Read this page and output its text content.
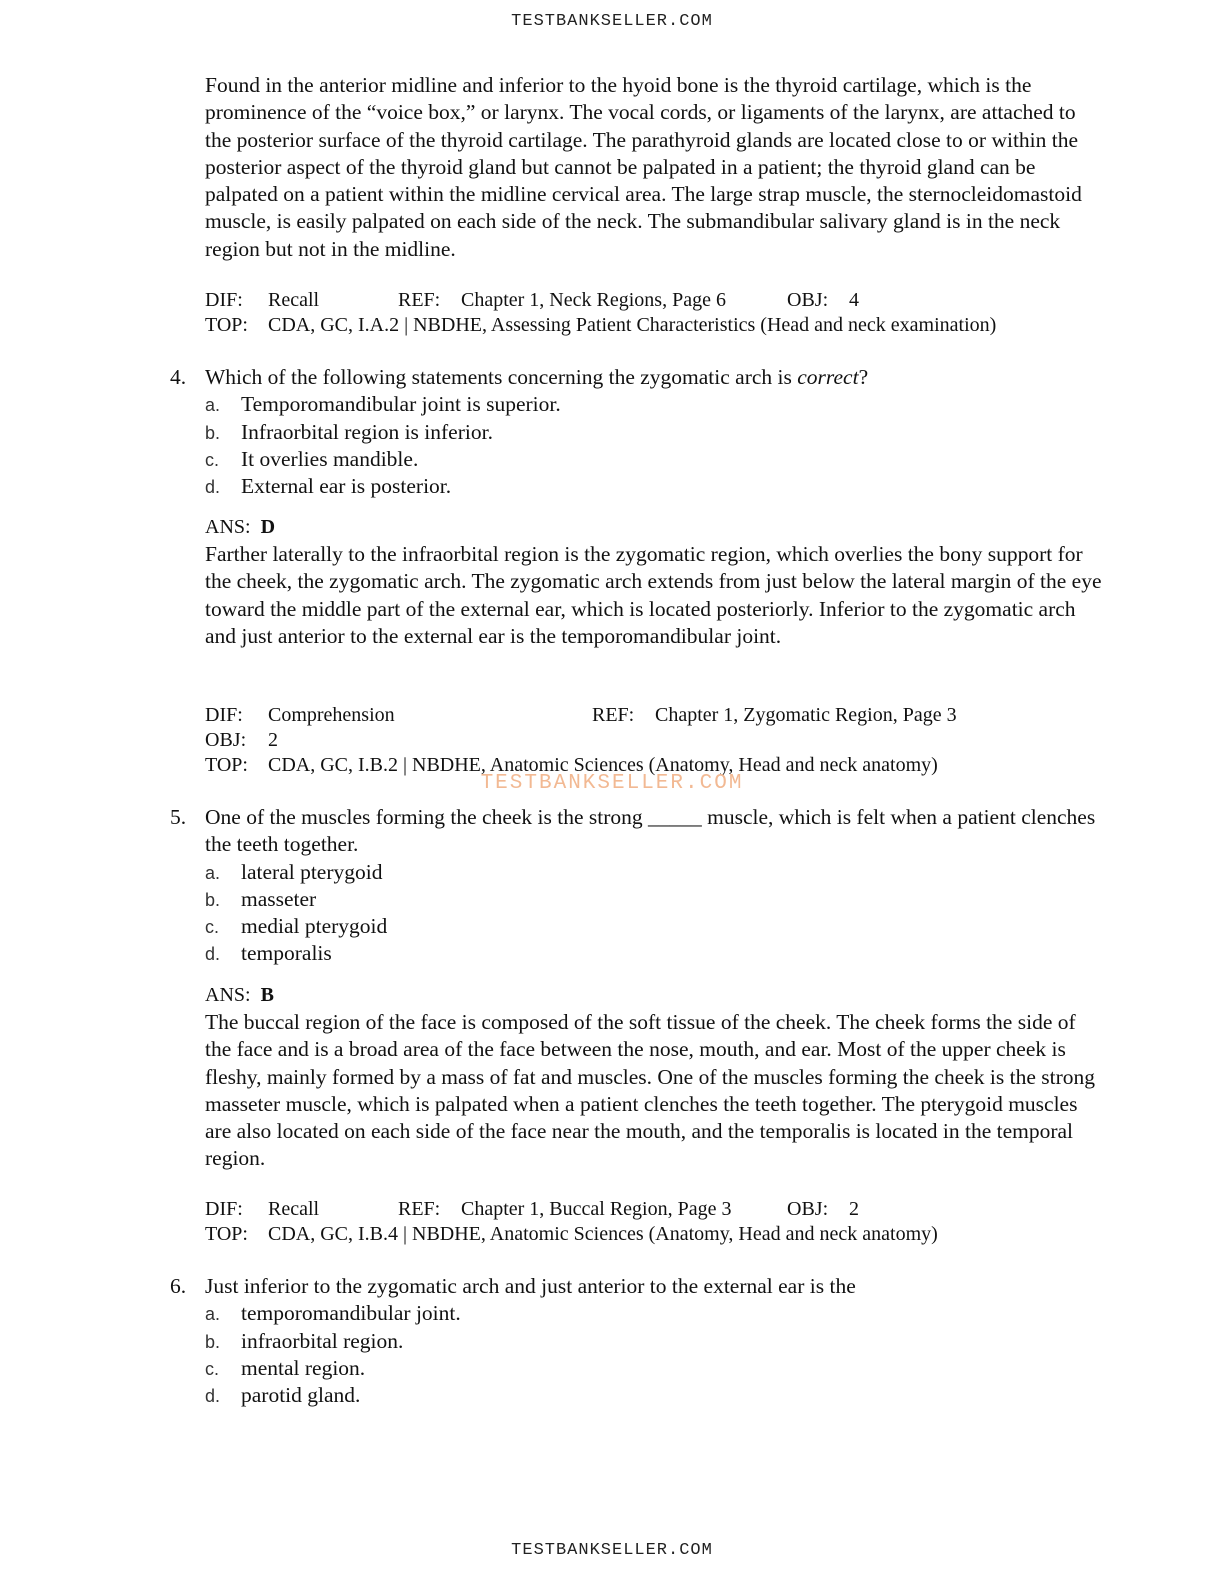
TESTBANKSELLER.COM

Found in the anterior midline and inferior to the hyoid bone is the thyroid cartilage, which is the prominence of the “voice box,” or larynx. The vocal cords, or ligaments of the larynx, are attached to the posterior surface of the thyroid cartilage. The parathyroid glands are located close to or within the posterior aspect of the thyroid gland but cannot be palpated in a patient; the thyroid gland can be palpated on a patient within the midline cervical area. The large strap muscle, the sternocleidomastoid muscle, is easily palpated on each side of the neck. The submandibular salivary gland is in the neck region but not in the midline.

DIF: Recall	REF: Chapter 1, Neck Regions, Page 6	OBJ: 4
TOP: CDA, GC, I.A.2 | NBDHE, Assessing Patient Characteristics (Head and neck examination)
4. Which of the following statements concerning the zygomatic arch is correct?
a. Temporomandibular joint is superior.
b. Infraorbital region is inferior.
c. It overlies mandible.
d. External ear is posterior.
ANS: D

Farther laterally to the infraorbital region is the zygomatic region, which overlies the bony support for the cheek, the zygomatic arch. The zygomatic arch extends from just below the lateral margin of the eye toward the middle part of the external ear, which is located posteriorly. Inferior to the zygomatic arch and just anterior to the external ear is the temporomandibular joint.

DIF: Comprehension	REF: Chapter 1, Zygomatic Region, Page 3
OBJ: 2
TOP: CDA, GC, I.B.2 | NBDHE, Anatomic Sciences (Anatomy, Head and neck anatomy)
TESTBANKSELLER.COM
5. One of the muscles forming the cheek is the strong _____ muscle, which is felt when a patient clenches the teeth together.
a. lateral pterygoid
b. masseter
c. medial pterygoid
d. temporalis
ANS: B

The buccal region of the face is composed of the soft tissue of the cheek. The cheek forms the side of the face and is a broad area of the face between the nose, mouth, and ear. Most of the upper cheek is fleshy, mainly formed by a mass of fat and muscles. One of the muscles forming the cheek is the strong masseter muscle, which is palpated when a patient clenches the teeth together. The pterygoid muscles are also located on each side of the face near the mouth, and the temporalis is located in the temporal region.

DIF: Recall	REF: Chapter 1, Buccal Region, Page 3	OBJ: 2
TOP: CDA, GC, I.B.4 | NBDHE, Anatomic Sciences (Anatomy, Head and neck anatomy)
6. Just inferior to the zygomatic arch and just anterior to the external ear is the
a. temporomandibular joint.
b. infraorbital region.
c. mental region.
d. parotid gland.
TESTBANKSELLER.COM
